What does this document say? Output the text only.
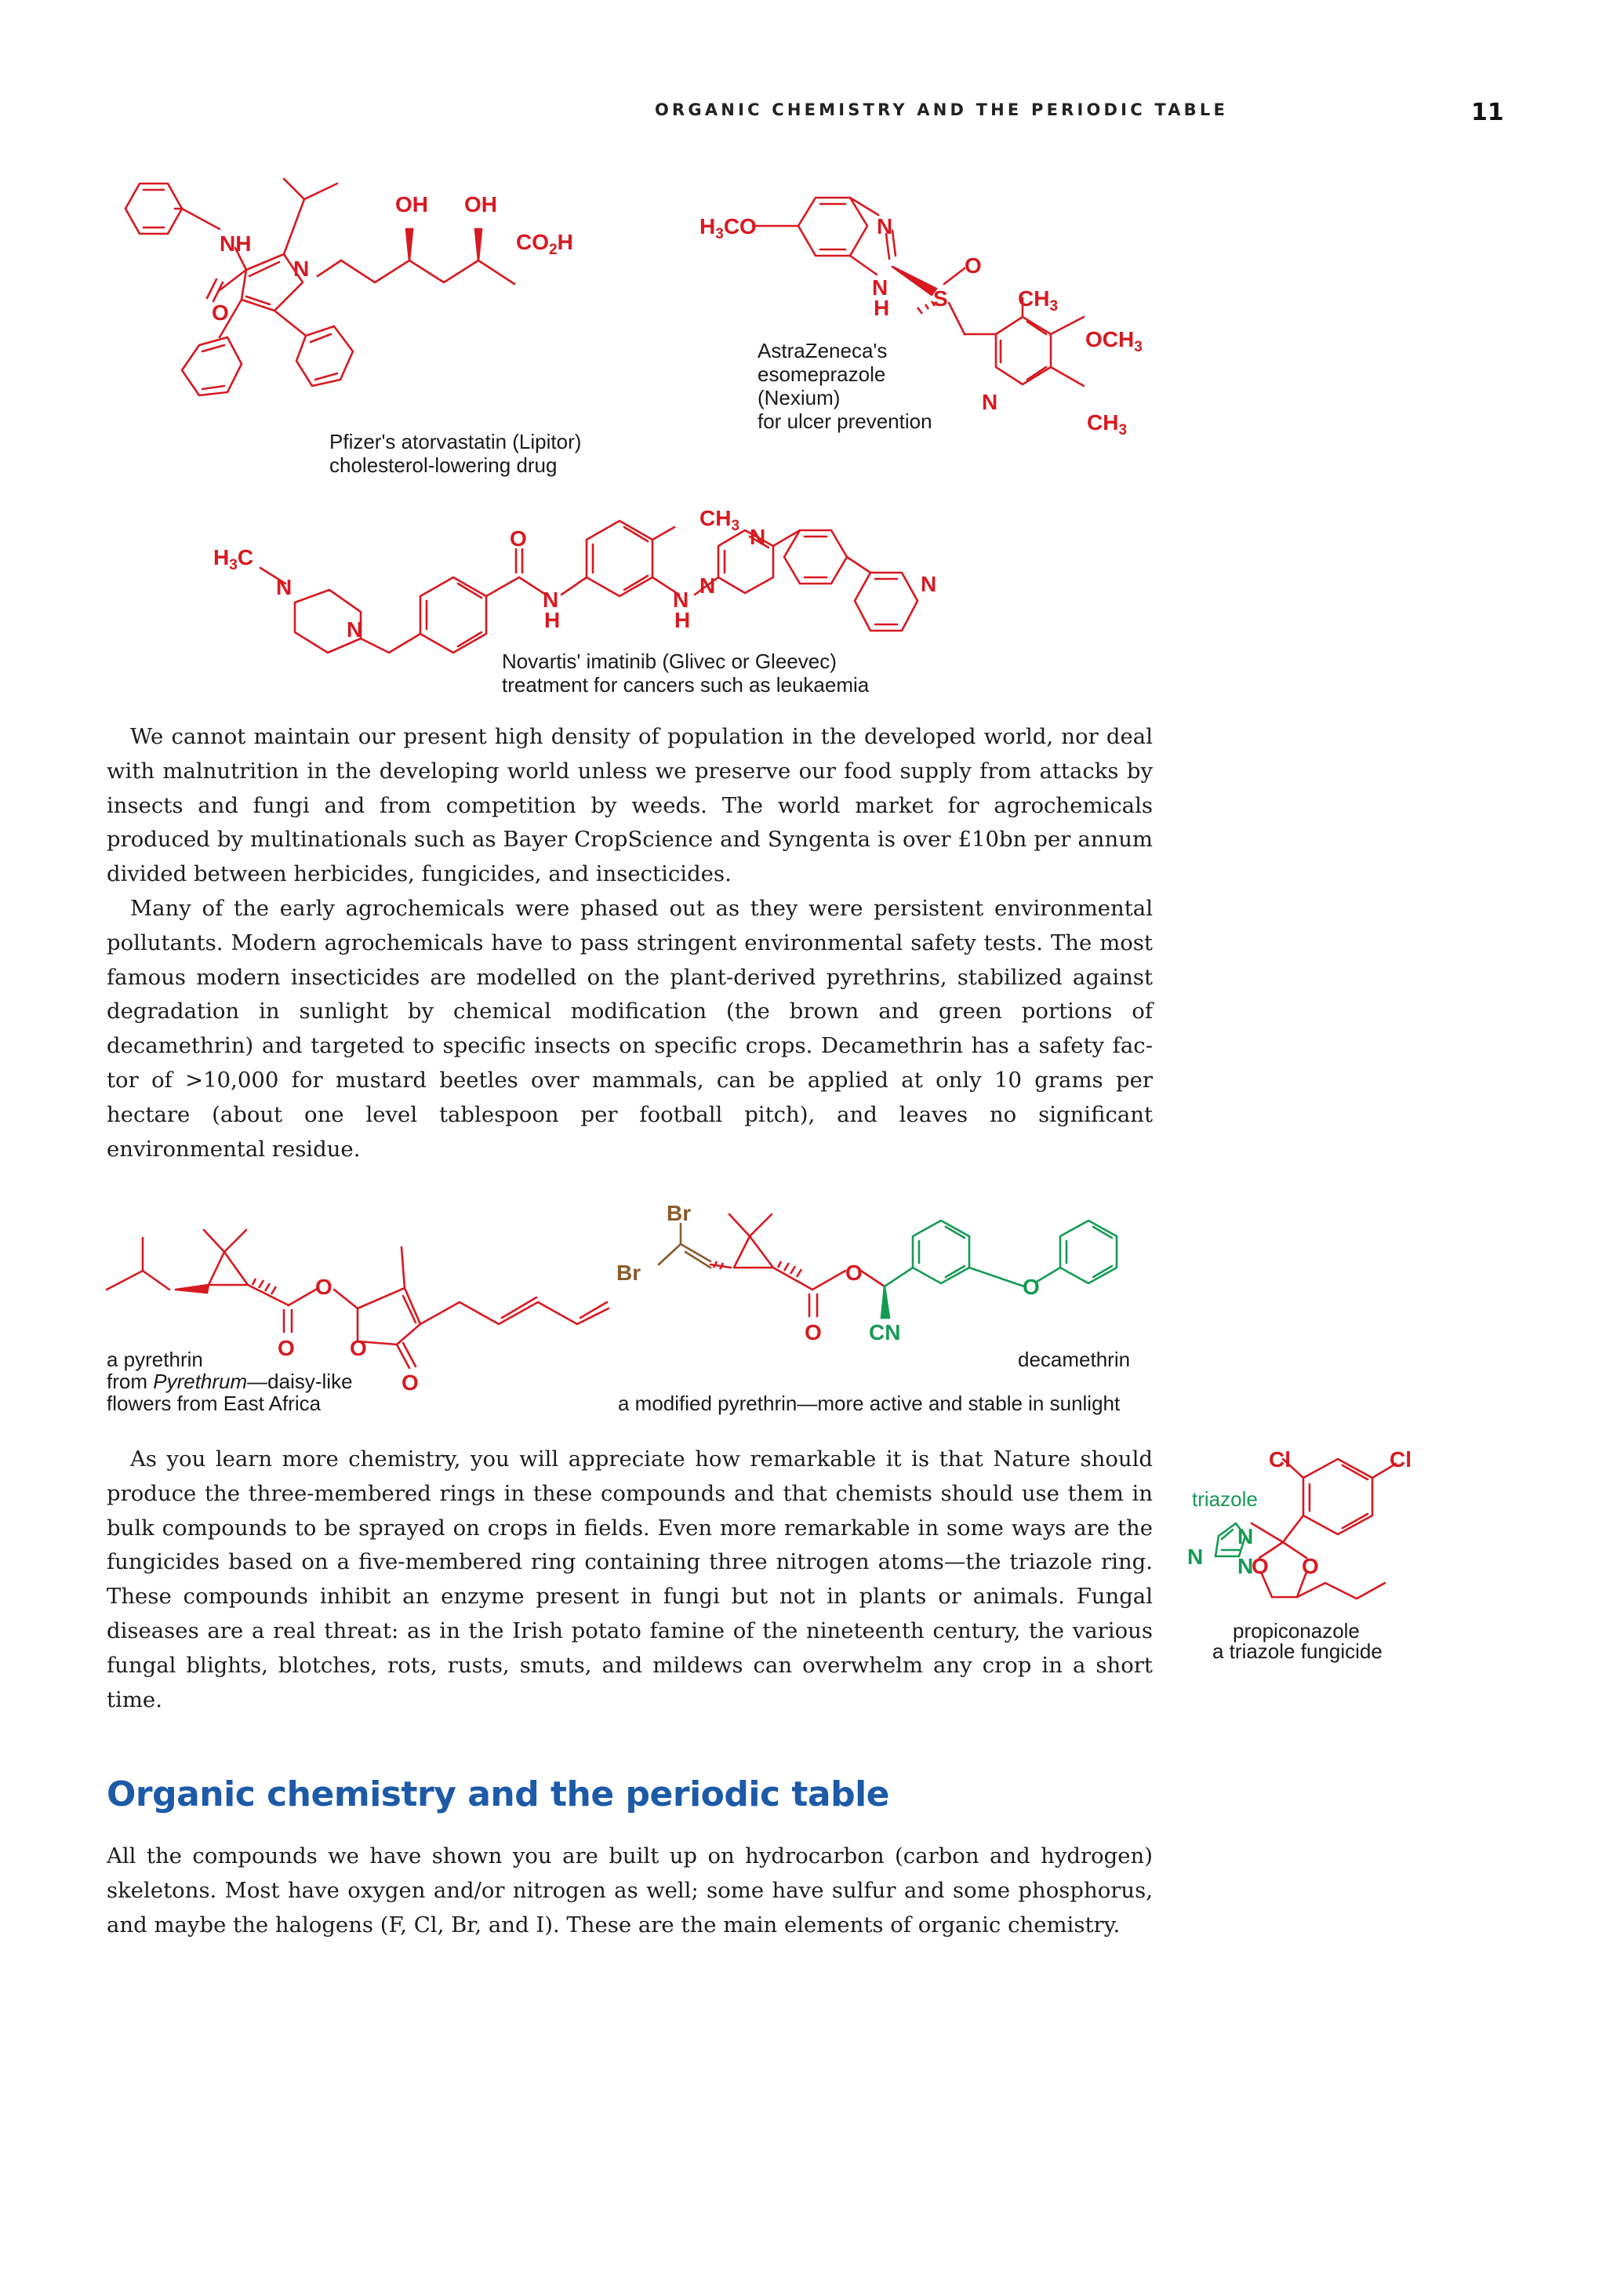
ORGANIC CHEMISTRY AND THE PERIODIC TABLE	11
NH
O
N
OH OH
$CO_2H$
Pfizer's atorvastatin (Lipitor)
cholesterol-lowering drug
$H_3CO$	N
N
H S
O
$CH_3$
$OCH_3$
N
$CH_3$
AstraZeneca's
esomeprazole
(Nexium)
for ulcer prevention
$H_3C$
N
N
O
N
H
N
N
H
N
$CH_3$
N
Novartis' imatinib (Glivec or Gleevec)
treatment for cancers such as leukaemia

We cannot maintain our present high density of population in the developed world, nor deal with malnutrition in the developing world unless we preserve our food supply from attacks by insects and fungi and from competition by weeds. The world market for agrochemicals produced by multinationals such as Bayer CropScience and Syngenta is over £10bn per annum divided between herbicides, fungicides, and insecticides.

Many of the early agrochemicals were phased out as they were persistent environmental pollutants. Modern agrochemicals have to pass stringent environmental safety tests. The most famous modern insecticides are modelled on the plant-derived pyrethrins, stabilized against degradation in sunlight by chemical modification (the brown and green portions of decamethrin) and targeted to specific insects on specific crops. Decamethrin has a safety factor of >10,000 for mustard beetles over mammals, can be applied at only 10 grams per hectare (about one level tablespoon per football pitch), and leaves no significant environmental residue.

O
O	O
O
a pyrethrin
from Pyrethrum—daisy-like
flowers from East Africa
Br
Br	O
O CN
O
decamethrin
a modified pyrethrin—more active and stable in sunlight

As you learn more chemistry, you will appreciate how remarkable it is that Nature should produce the three-membered rings in these compounds and that chemists should use them in bulk compounds to be sprayed on crops in fields. Even more remarkable in some ways are the fungicides based on a five-membered ring containing three nitrogen atoms—the triazole ring. These compounds inhibit an enzyme present in fungi but not in plants or animals. Fungal diseases are a real threat: as in the Irish potato famine of the nineteenth century, the various fungal blights, blotches, rots, rusts, smuts, and mildews can overwhelm any crop in a short time.

Cl	Cl
N
N N
O O
triazole
propiconazole
a triazole fungicide
Organic chemistry and the periodic table

All the compounds we have shown you are built up on hydrocarbon (carbon and hydrogen) skeletons. Most have oxygen and/or nitrogen as well; some have sulfur and some phosphorus, and maybe the halogens (F, Cl, Br, and I). These are the main elements of organic chemistry.
